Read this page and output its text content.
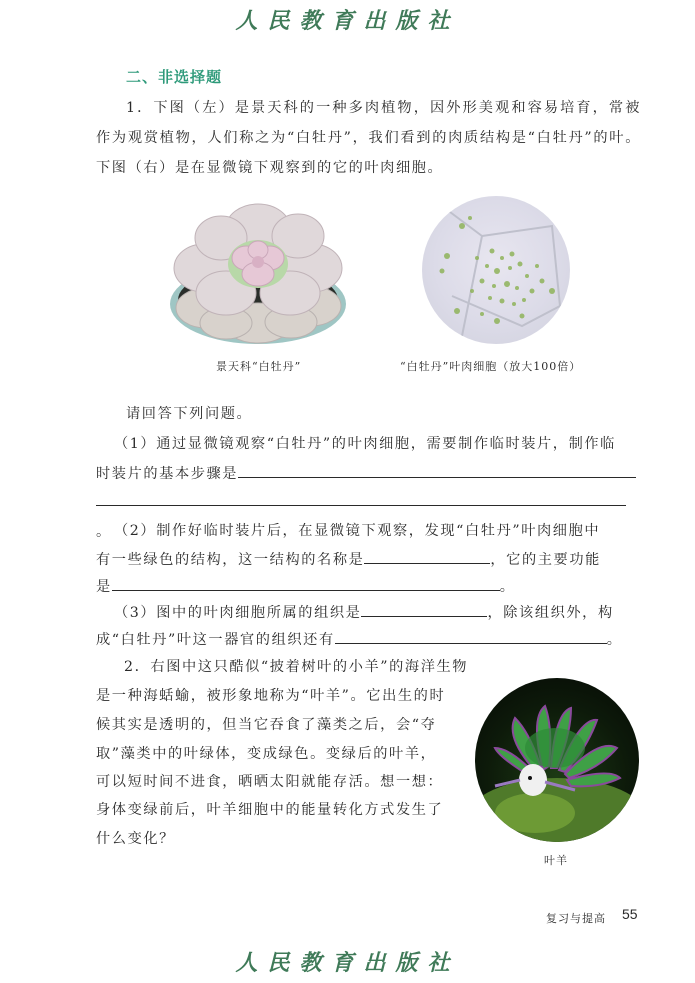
人民教育出版社
二、非选择题
1．下图（左）是景天科的一种多肉植物，因外形美观和容易培育，常被作为观赏植物，人们称之为“白牡丹”，我们看到的肉质结构是“白牡丹”的叶。下图（右）是在显微镜下观察到的它的叶肉细胞。
景天科“白牡丹”	“白牡丹”叶肉细胞（放大100倍）
请回答下列问题。
（1）通过显微镜观察“白牡丹”的叶肉细胞，需要制作临时装片，制作临
时装片的基本步骤是
。 （2）制作好临时装片后，在显微镜下观察，发现“白牡丹”叶肉细胞中
有一些绿色的结构，这一结构的名称是	，它的主要功能
是	。
（3）图中的叶肉细胞所属的组织是	，除该组织外，构
成“白牡丹”叶这一器官的组织还有	。
2．右图中这只酷似“披着树叶的小羊”的海洋生物
是一种海蛞蝓，被形象地称为“叶羊”。它出生的时
候其实是透明的，但当它吞食了藻类之后，会“夺
取”藻类中的叶绿体，变成绿色。变绿后的叶羊，
可以短时间不进食，晒晒太阳就能存活。想一想：
身体变绿前后，叶羊细胞中的能量转化方式发生了
什么变化？
叶羊
复习与提高 55
人民教育出版社
